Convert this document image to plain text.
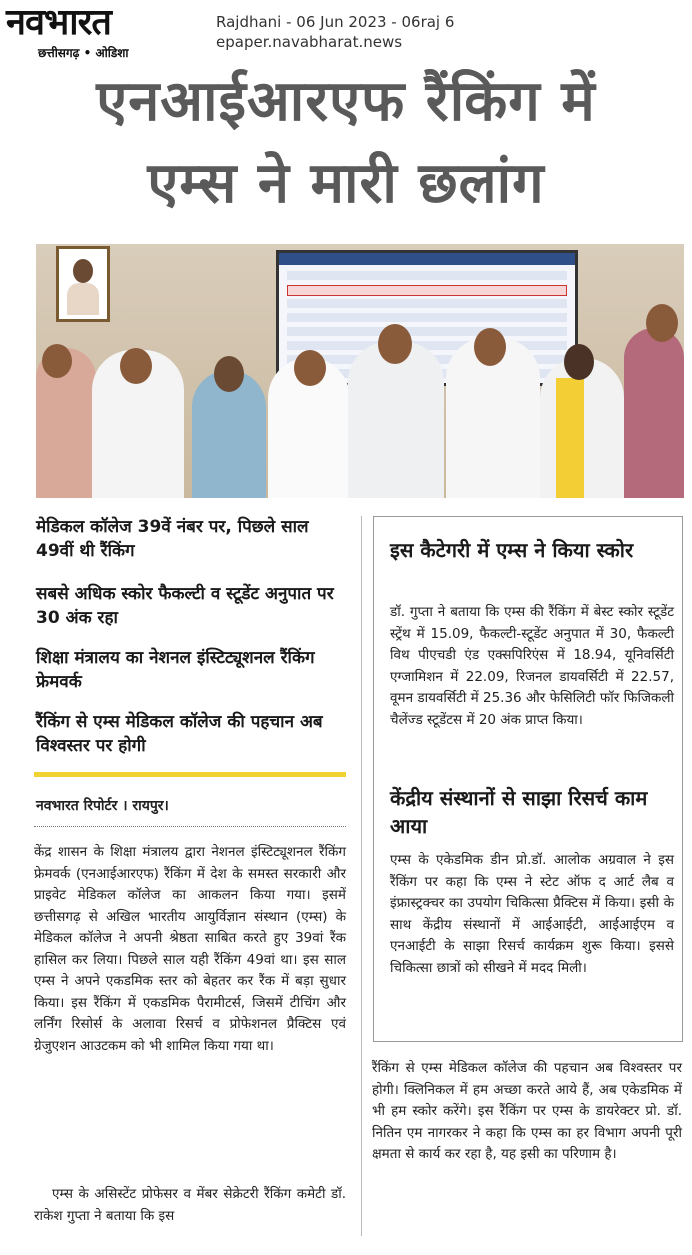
नवभारत
छत्तीसगढ़ • ओडिशा
Rajdhani - 06 Jun 2023 - 06raj 6
epaper.navabharat.news
एनआईआरएफ रैंकिंग में
एम्स ने मारी छलांग
मेडिकल कॉलेज 39वें नंबर पर, पिछले साल 49वीं थी रैंकिंग
सबसे अधिक स्कोर फैकल्टी व स्टूडेंट अनुपात पर 30 अंक रहा
शिक्षा मंत्रालय का नेशनल इंस्टिट्यूशनल रैंकिंग फ्रेमवर्क
रैंकिंग से एम्स मेडिकल कॉलेज की पहचान अब विश्वस्तर पर होगी
नवभारत रिपोर्टर । रायपुर।
केंद्र शासन के शिक्षा मंत्रालय द्वारा नेशनल इंस्टिट्यूशनल रैंकिंग फ्रेमवर्क (एनआईआरएफ) रैंकिंग में देश के समस्त सरकारी और प्राइवेट मेडिकल कॉलेज का आकलन किया गया। इसमें छत्तीसगढ़ से अखिल भारतीय आयुर्विज्ञान संस्थान (एम्स) के मेडिकल कॉलेज ने अपनी श्रेष्ठता साबित करते हुए 39वां रैंक हासिल कर लिया। पिछले साल यही रैंकिंग 49वां था। इस साल एम्स ने अपने एकडमिक स्तर को बेहतर कर रैंक में बड़ा सुधार किया। इस रैंकिंग में एकडमिक पैरामीटर्स, जिसमें टीचिंग और लर्निंग रिसोर्स के अलावा रिसर्च व प्रोफेशनल प्रैक्टिस एवं ग्रेजुएशन आउटकम को भी शामिल किया गया था।
एम्स के असिस्टेंट प्रोफेसर व मेंबर सेक्रेटरी रैंकिंग कमेटी डॉ. राकेश गुप्ता ने बताया कि इस
इस कैटेगरी में एम्स ने किया स्कोर
डॉ. गुप्ता ने बताया कि एम्स की रैंकिंग में बेस्ट स्कोर स्टूडेंट स्ट्रेंथ में 15.09, फैकल्टी-स्टूडेंट अनुपात में 30, फैकल्टी विथ पीएचडी एंड एक्सपिरिएंस में 18.94, यूनिवर्सिटी एग्जामिशन में 22.09, रिजनल डायवर्सिटी में 22.57, वूमन डायवर्सिटी में 25.36 और फेसिलिटी फॉर फिजिकली चैलेंज्ड स्टूडेंटस में 20 अंक प्राप्त किया।
केंद्रीय संस्थानों से साझा रिसर्च काम आया
एम्स के एकेडमिक डीन प्रो.डॉ. आलोक अग्रवाल ने इस रैंकिंग पर कहा कि एम्स ने स्टेट ऑफ द आर्ट लैब व इंफ्रास्ट्रक्चर का उपयोग चिकित्सा प्रैक्टिस में किया। इसी के साथ केंद्रीय संस्थानों में आईआईटी, आईआईएम व एनआईटी के साझा रिसर्च कार्यक्रम शुरू किया। इससे चिकित्सा छात्रों को सीखने में मदद मिली।
रैंकिंग से एम्स मेडिकल कॉलेज की पहचान अब विश्वस्तर पर होगी। क्लिनिकल में हम अच्छा करते आये हैं, अब एकेडमिक में भी हम स्कोर करेंगे। इस रैंकिंग पर एम्स के डायरेक्टर प्रो. डॉ. नितिन एम नागरकर ने कहा कि एम्स का हर विभाग अपनी पूरी क्षमता से कार्य कर रहा है, यह इसी का परिणाम है।
